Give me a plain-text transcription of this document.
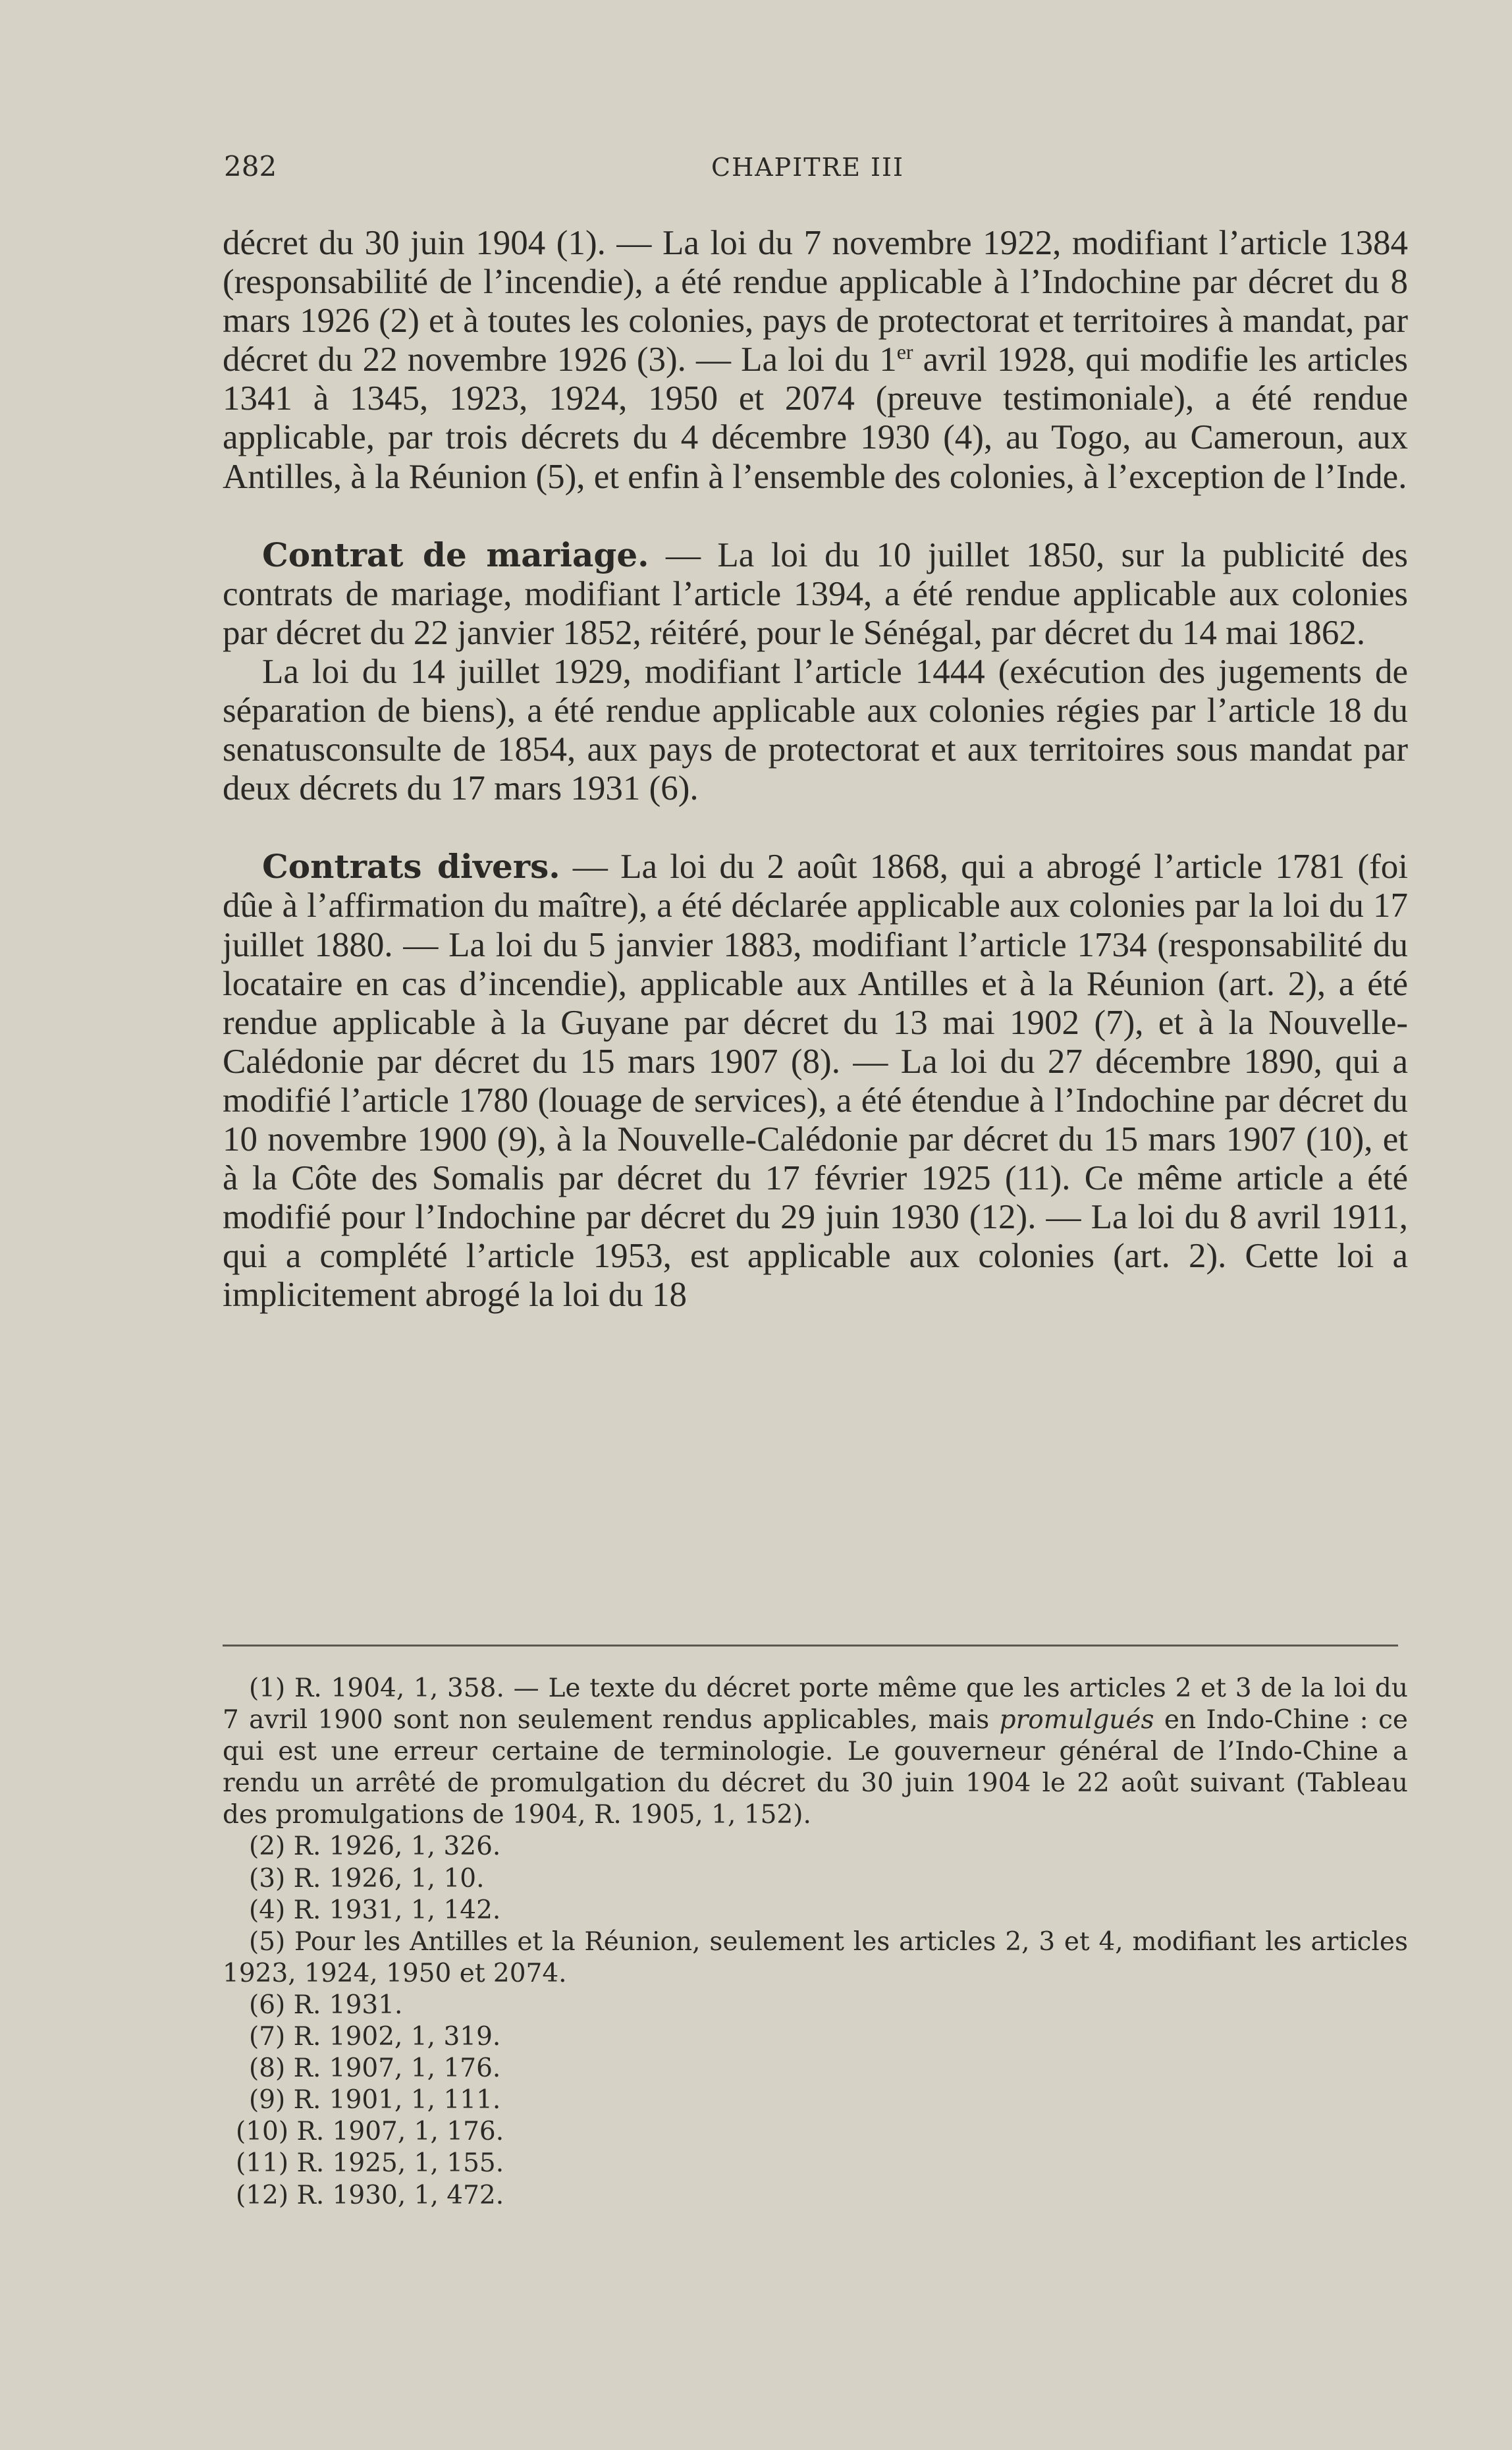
282	CHAPITRE III

décret du 30 juin 1904 (1). — La loi du 7 novembre 1922, modifiant l’article 1384 (responsabilité de l’incendie), a été rendue applicable à l’Indochine par décret du 8 mars 1926 (2) et à toutes les colonies, pays de protectorat et territoires à mandat, par décret du 22 novembre 1926 (3). — La loi du 1er avril 1928, qui modifie les articles 1341 à 1345, 1923, 1924, 1950 et 2074 (preuve testimoniale), a été rendue applicable, par trois décrets du 4 décembre 1930 (4), au Togo, au Cameroun, aux Antilles, à la Réunion (5), et enfin à l’ensemble des colonies, à l’exception de l’Inde.

Contrat de mariage. — La loi du 10 juillet 1850, sur la publicité des contrats de mariage, modifiant l’article 1394, a été rendue applicable aux colonies par décret du 22 janvier 1852, réitéré, pour le Sénégal, par décret du 14 mai 1862.

La loi du 14 juillet 1929, modifiant l’article 1444 (exécution des jugements de séparation de biens), a été rendue applicable aux colonies régies par l’article 18 du senatusconsulte de 1854, aux pays de protectorat et aux territoires sous mandat par deux décrets du 17 mars 1931 (6).

Contrats divers. — La loi du 2 août 1868, qui a abrogé l’article 1781 (foi dûe à l’affirmation du maître), a été déclarée applicable aux colonies par la loi du 17 juillet 1880. — La loi du 5 janvier 1883, modifiant l’article 1734 (responsabilité du locataire en cas d’incendie), applicable aux Antilles et à la Réunion (art. 2), a été rendue applicable à la Guyane par décret du 13 mai 1902 (7), et à la Nouvelle-Calédonie par décret du 15 mars 1907 (8). — La loi du 27 décembre 1890, qui a modifié l’article 1780 (louage de services), a été étendue à l’Indochine par décret du 10 novembre 1900 (9), à la Nouvelle-Calédonie par décret du 15 mars 1907 (10), et à la Côte des Somalis par décret du 17 février 1925 (11). Ce même article a été modifié pour l’Indochine par décret du 29 juin 1930 (12). — La loi du 8 avril 1911, qui a complété l’article 1953, est applicable aux colonies (art. 2). Cette loi a implicitement abrogé la loi du 18

(1) R. 1904, 1, 358. — Le texte du décret porte même que les articles 2 et 3 de la loi du 7 avril 1900 sont non seulement rendus applicables, mais promulgués en Indo-Chine : ce qui est une erreur certaine de terminologie. Le gouverneur général de l’Indo-Chine a rendu un arrêté de promulgation du décret du 30 juin 1904 le 22 août suivant (Tableau des promulgations de 1904, R. 1905, 1, 152).

(2) R. 1926, 1, 326.

(3) R. 1926, 1, 10.

(4) R. 1931, 1, 142.

(5) Pour les Antilles et la Réunion, seulement les articles 2, 3 et 4, modifiant les articles 1923, 1924, 1950 et 2074.

(6) R. 1931.

(7) R. 1902, 1, 319.

(8) R. 1907, 1, 176.

(9) R. 1901, 1, 111.

(10) R. 1907, 1, 176.

(11) R. 1925, 1, 155.

(12) R. 1930, 1, 472.
